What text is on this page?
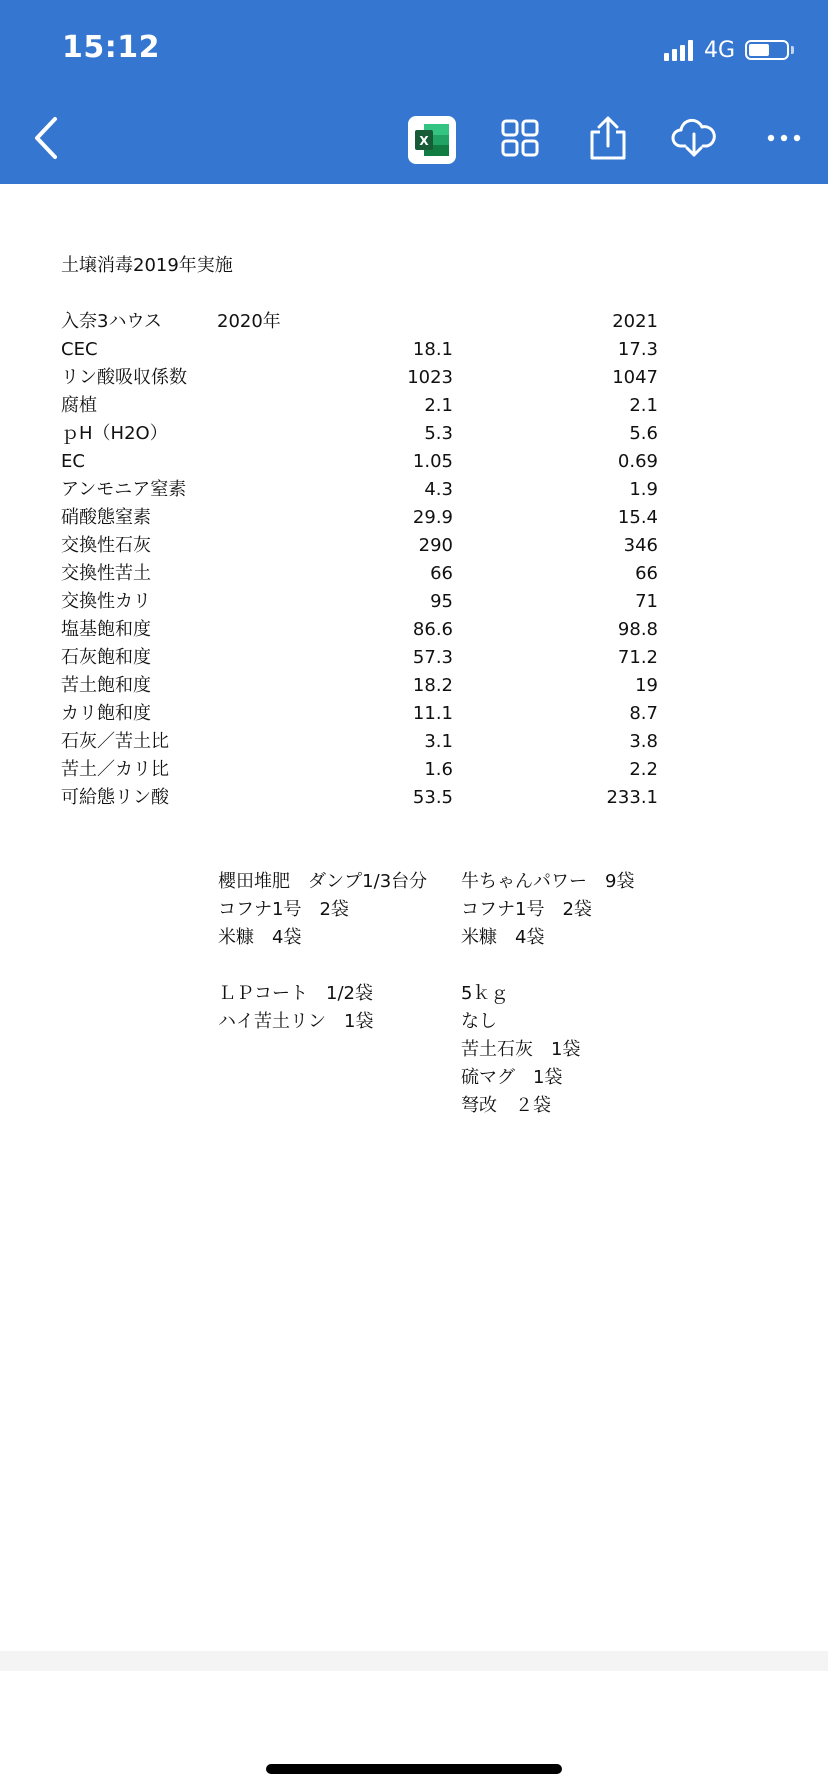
15:12	4G
X
土壌消毒2019年実施
入奈3ハウス	2020年	2021
CEC	18.1	17.3
リン酸吸収係数	1023	1047
腐植	2.1	2.1
ｐH（H2O）	5.3	5.6
EC	1.05	0.69
アンモニア窒素	4.3	1.9
硝酸態窒素	29.9	15.4
交換性石灰	290	346
交換性苦土	66	66
交換性カリ	95	71
塩基飽和度	86.6	98.8
石灰飽和度	57.3	71.2
苦土飽和度	18.2	19
カリ飽和度	11.1	8.7
石灰／苦土比	3.1	3.8
苦土／カリ比	1.6	2.2
可給態リン酸	53.5	233.1
櫻田堆肥　ダンプ1/3台分
コフナ1号　2袋
米糠　4袋
ＬＰコート　1/2袋
ハイ苦土リン　1袋
牛ちゃんパワー　9袋
コフナ1号　2袋
米糠　4袋
5ｋｇ
なし
苦土石灰　1袋
硫マグ　1袋
弩改　２袋
